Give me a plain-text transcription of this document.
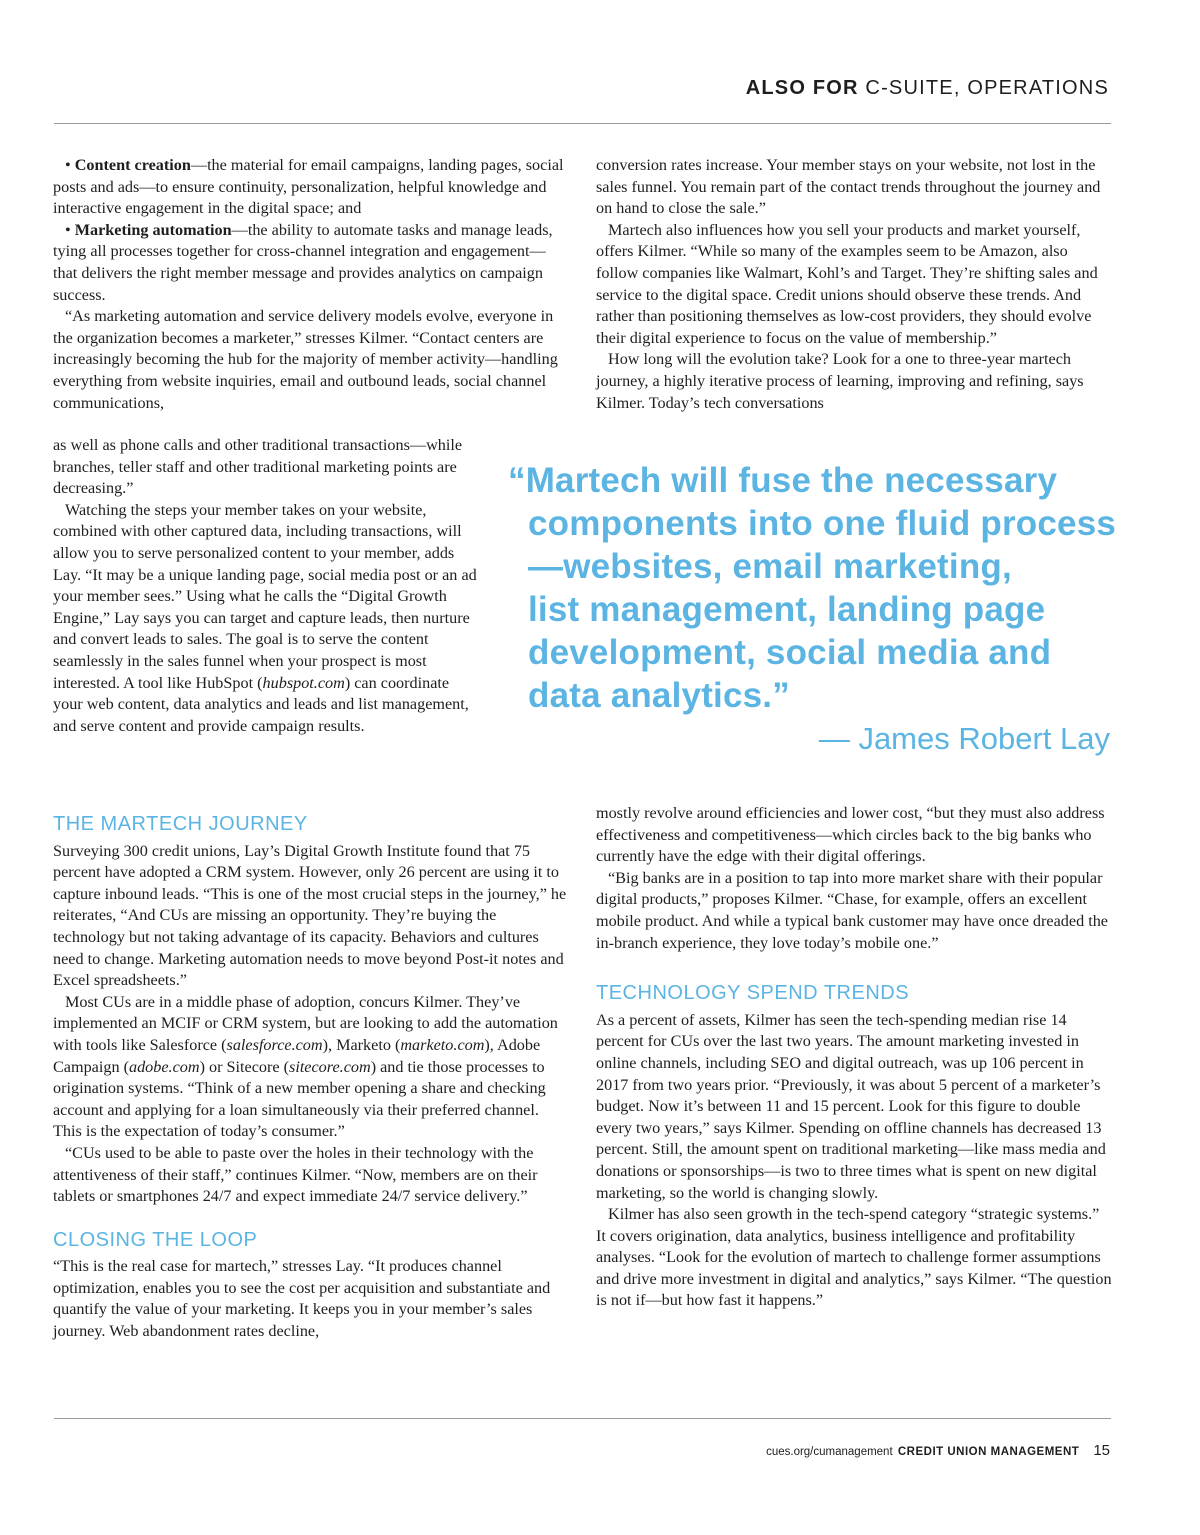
ALSO FOR C-SUITE, OPERATIONS

• Content creation—the material for email campaigns, landing pages, social posts and ads—to ensure continuity, personalization, helpful knowledge and interactive engagement in the digital space; and

• Marketing automation—the ability to automate tasks and manage leads, tying all processes together for cross-channel integration and engagement—that delivers the right member message and provides analytics on campaign success.

“As marketing automation and service delivery models evolve, everyone in the organization becomes a marketer,” stresses Kilmer. “Contact centers are increasingly becoming the hub for the majority of member activity—handling everything from website inquiries, email and outbound leads, social channel communications,

as well as phone calls and other traditional transactions—while branches, teller staff and other traditional marketing points are decreasing.”

Watching the steps your member takes on your website, combined with other captured data, including transactions, will allow you to serve personalized content to your member, adds Lay. “It may be a unique landing page, social media post or an ad your member sees.” Using what he calls the “Digital Growth Engine,” Lay says you can target and capture leads, then nurture and convert leads to sales. The goal is to serve the content seamlessly in the sales funnel when your prospect is most interested. A tool like HubSpot (hubspot.com) can coordinate your web content, data analytics and leads and list management, and serve content and provide campaign results.

conversion rates increase. Your member stays on your website, not lost in the sales funnel. You remain part of the contact trends throughout the journey and on hand to close the sale.”

Martech also influences how you sell your products and market yourself, offers Kilmer. “While so many of the examples seem to be Amazon, also follow companies like Walmart, Kohl’s and Target. They’re shifting sales and service to the digital space. Credit unions should observe these trends. And rather than positioning themselves as low-cost providers, they should evolve their digital experience to focus on the value of membership.”

How long will the evolution take? Look for a one to three-year martech journey, a highly iterative process of learning, improving and refining, says Kilmer. Today’s tech conversations

“Martech will fuse the necessary
components into one fluid process
—websites, email marketing,
list management, landing page
development, social media and
data analytics.”
— James Robert Lay
THE MARTECH JOURNEY

Surveying 300 credit unions, Lay’s Digital Growth Institute found that 75 percent have adopted a CRM system. However, only 26 percent are using it to capture inbound leads. “This is one of the most crucial steps in the journey,” he reiterates, “And CUs are missing an opportunity. They’re buying the technology but not taking advantage of its capacity. Behaviors and cultures need to change. Marketing automation needs to move beyond Post-it notes and Excel spreadsheets.”

Most CUs are in a middle phase of adoption, concurs Kilmer. They’ve implemented an MCIF or CRM system, but are looking to add the automation with tools like Salesforce (salesforce.com), Marketo (marketo.com), Adobe Campaign (adobe.com) or Sitecore (sitecore.com) and tie those processes to origination systems. “Think of a new member opening a share and checking account and applying for a loan simultaneously via their preferred channel. This is the expectation of today’s consumer.”

“CUs used to be able to paste over the holes in their technology with the attentiveness of their staff,” continues Kilmer. “Now, members are on their tablets or smartphones 24/7 and expect immediate 24/7 service delivery.”

CLOSING THE LOOP

“This is the real case for martech,” stresses Lay. “It produces channel optimization, enables you to see the cost per acquisition and substantiate and quantify the value of your marketing. It keeps you in your member’s sales journey. Web abandonment rates decline,

mostly revolve around efficiencies and lower cost, “but they must also address effectiveness and competitiveness—which circles back to the big banks who currently have the edge with their digital offerings.

“Big banks are in a position to tap into more market share with their popular digital products,” proposes Kilmer. “Chase, for example, offers an excellent mobile product. And while a typical bank customer may have once dreaded the in-branch experience, they love today’s mobile one.”

TECHNOLOGY SPEND TRENDS

As a percent of assets, Kilmer has seen the tech-spending median rise 14 percent for CUs over the last two years. The amount marketing invested in online channels, including SEO and digital outreach, was up 106 percent in 2017 from two years prior. “Previously, it was about 5 percent of a marketer’s budget. Now it’s between 11 and 15 percent. Look for this figure to double every two years,” says Kilmer. Spending on offline channels has decreased 13 percent. Still, the amount spent on traditional marketing—like mass media and donations or sponsorships—is two to three times what is spent on new digital marketing, so the world is changing slowly.

Kilmer has also seen growth in the tech-spend category “strategic systems.” It covers origination, data analytics, business intelligence and profitability analyses. “Look for the evolution of martech to challenge former assumptions and drive more investment in digital and analytics,” says Kilmer. “The question is not if—but how fast it happens.”

cues.org/cumanagement CREDIT UNION MANAGEMENT 15
